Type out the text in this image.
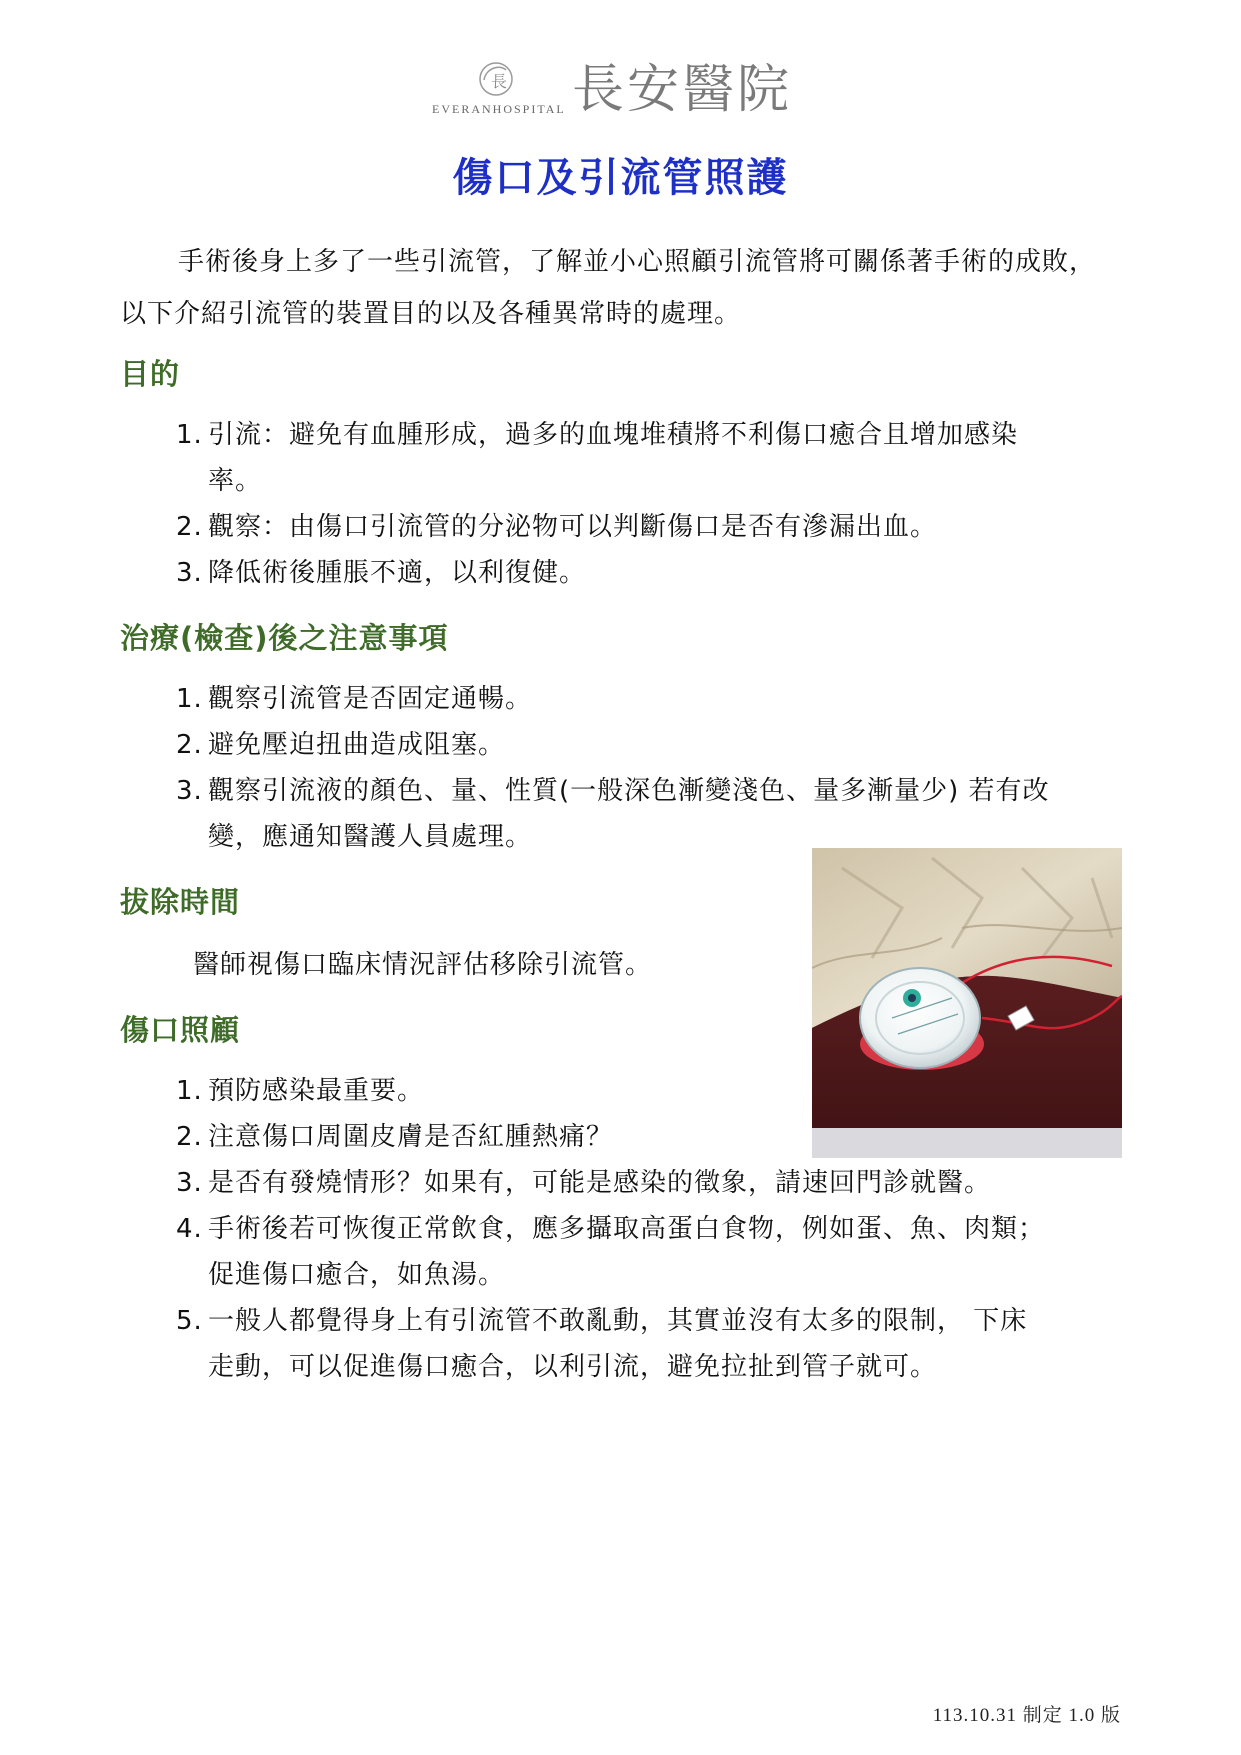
長
EVERANHOSPITAL 長安醫院
傷口及引流管照護

手術後身上多了一些引流管，了解並小心照顧引流管將可關係著手術的成敗，以下介紹引流管的裝置目的以及各種異常時的處理。

目的
1. 引流：避免有血腫形成，過多的血塊堆積將不利傷口癒合且增加感染
率。
2. 觀察：由傷口引流管的分泌物可以判斷傷口是否有滲漏出血。
3. 降低術後腫脹不適，以利復健。
治療(檢查)後之注意事項
1. 觀察引流管是否固定通暢。
2. 避免壓迫扭曲造成阻塞。
3. 觀察引流液的顏色、量、性質(一般深色漸變淺色、量多漸量少) 若有改
變，應通知醫護人員處理。
拔除時間
醫師視傷口臨床情況評估移除引流管。
傷口照顧
1. 預防感染最重要。
2. 注意傷口周圍皮膚是否紅腫熱痛？
3. 是否有發燒情形？如果有，可能是感染的徵象，請速回門診就醫。
4. 手術後若可恢復正常飲食，應多攝取高蛋白食物，例如蛋、魚、肉類；
促進傷口癒合，如魚湯。
5. 一般人都覺得身上有引流管不敢亂動，其實並沒有太多的限制， 下床
走動，可以促進傷口癒合，以利引流，避免拉扯到管子就可。
113.10.31 制定 1.0 版
